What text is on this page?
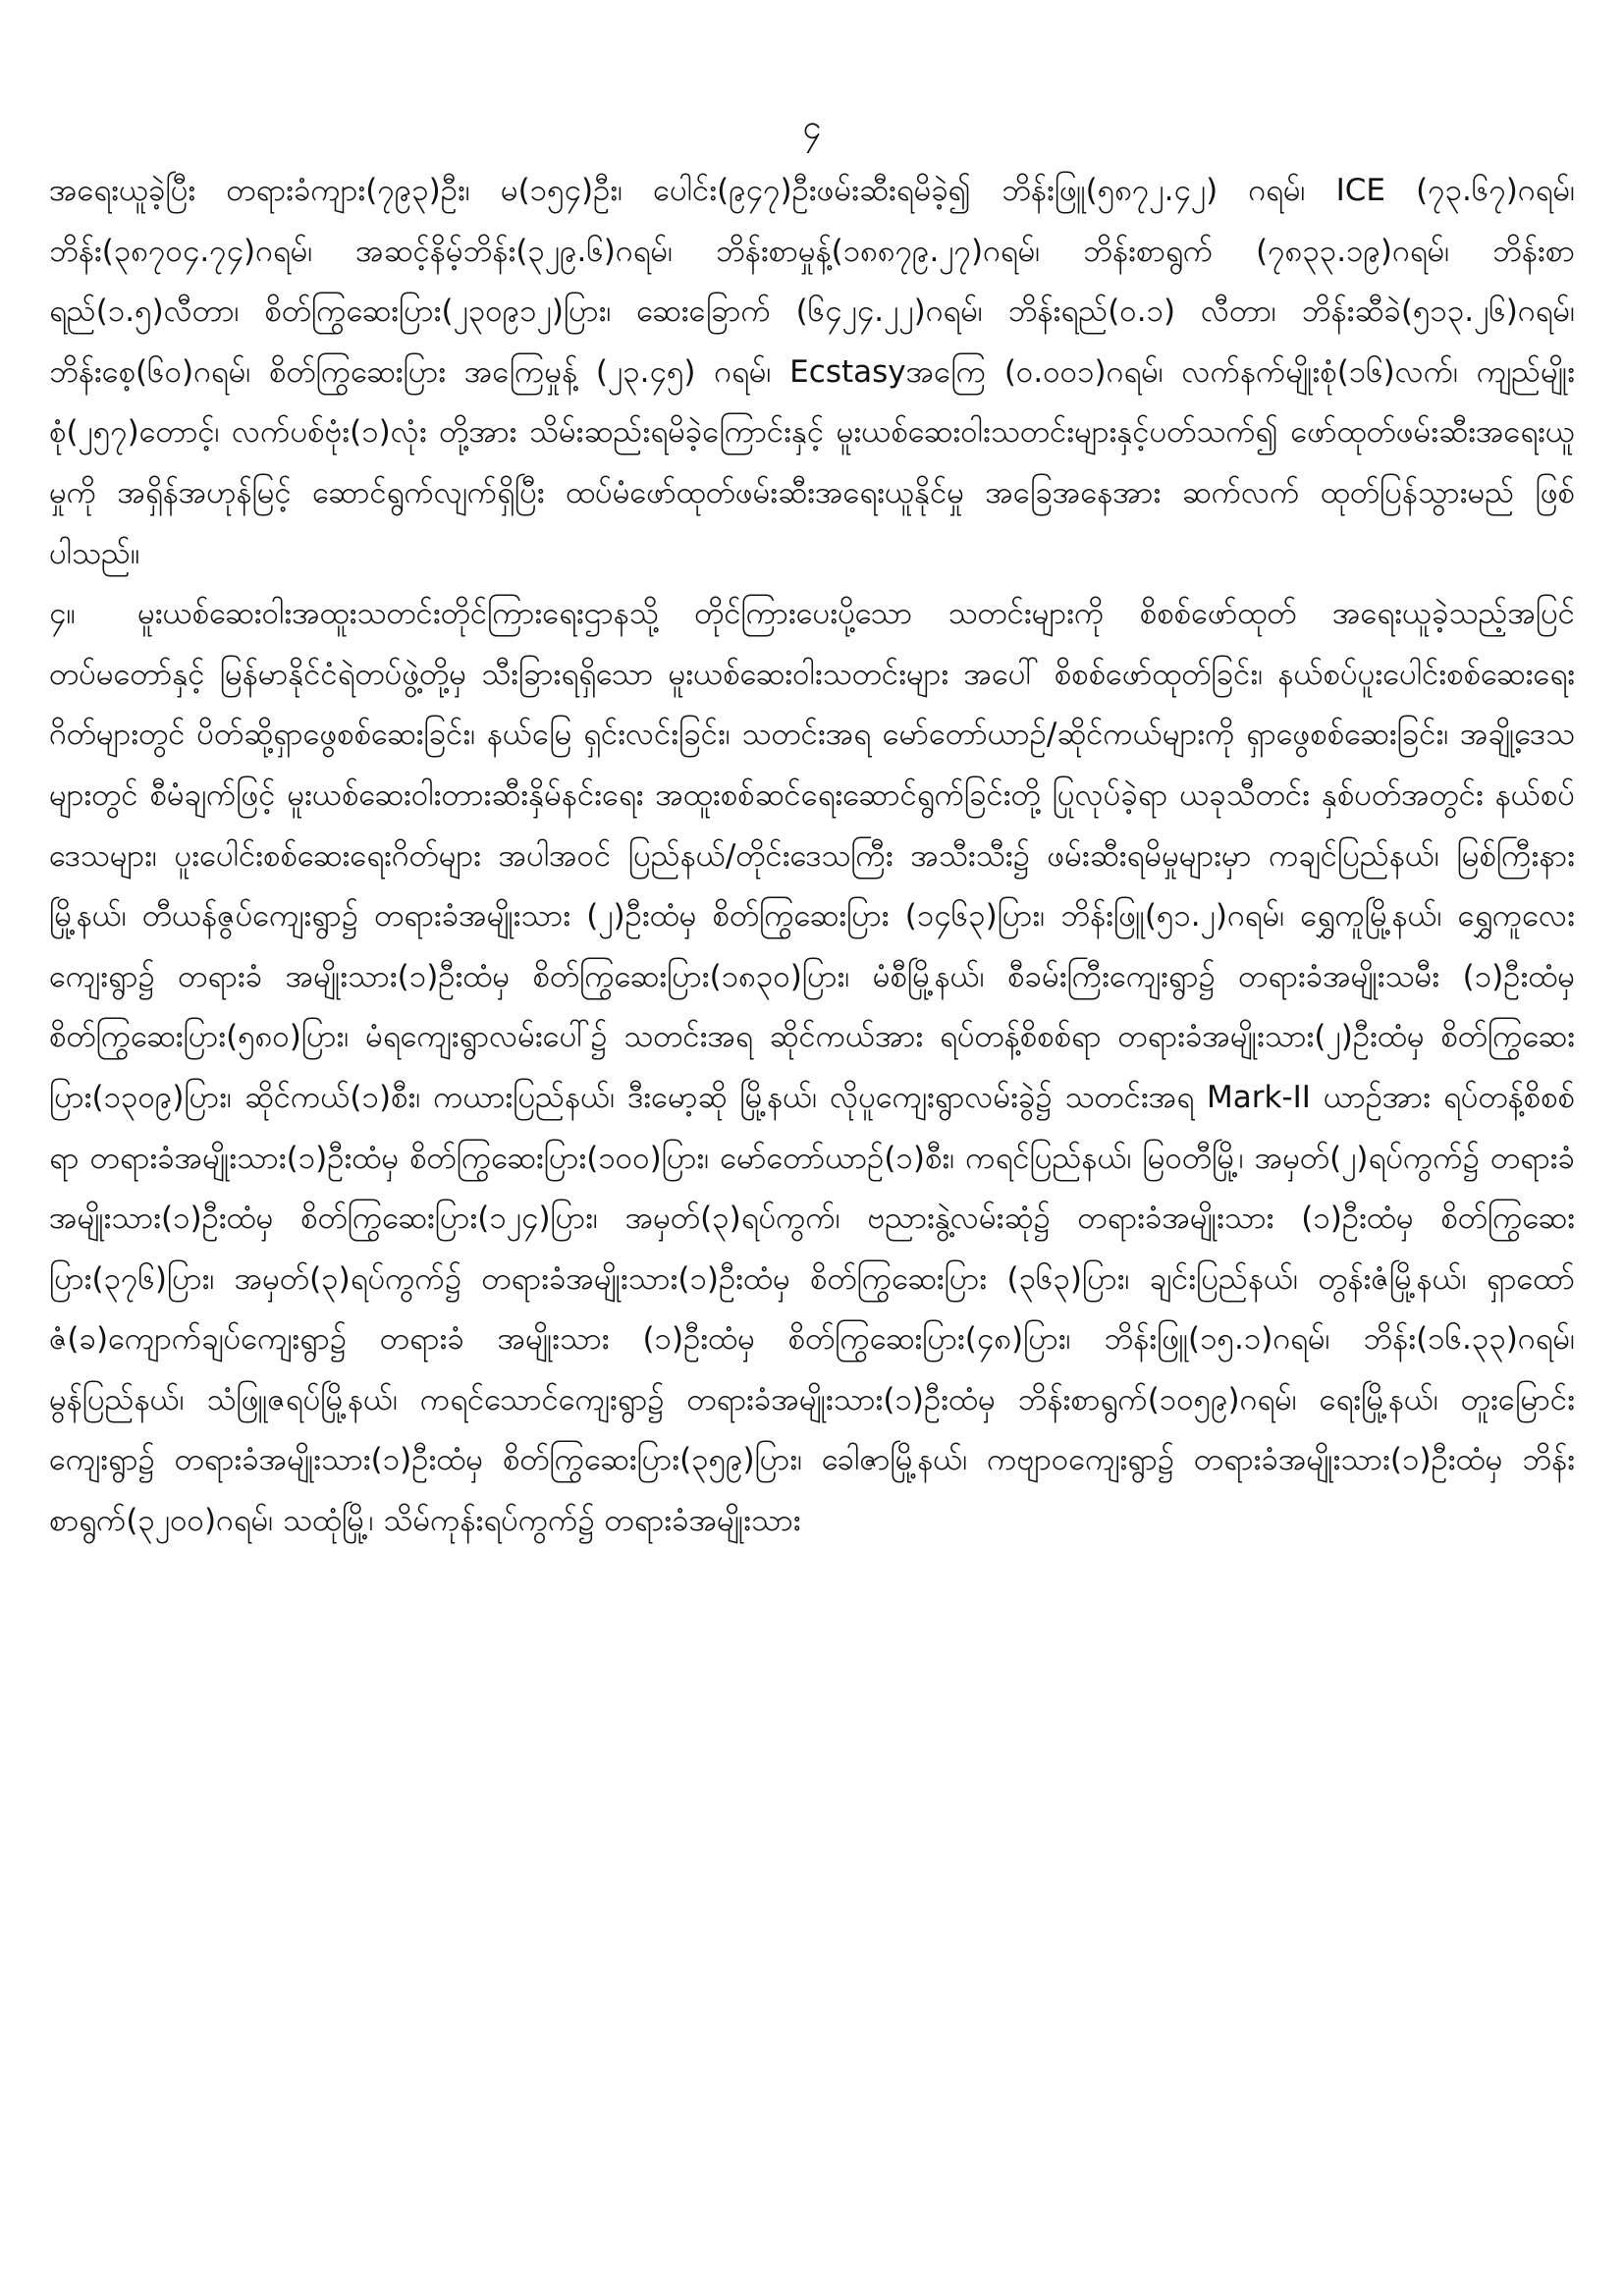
၄

အရေးယူခဲ့ပြီး တရားခံကျား(၇၉၃)ဦး၊ မ(၁၅၄)ဦး၊ ပေါင်း(၉၄၇)ဦးဖမ်းဆီးရမိခဲ့၍ ဘိန်းဖြူ(၅၈၇၂.၄၂) ဂရမ်၊ ICE (၇၃.၆၇)ဂရမ်၊ ဘိန်း(၃၈၇၀၄.၇၄)ဂရမ်၊ အဆင့်နိမ့်ဘိန်း(၃၂၉.၆)ဂရမ်၊ ဘိန်းစာမှုန့်(၁၈၈၇၉.၂၇)ဂရမ်၊ ဘိန်းစာရွက် (၇၈၃၃.၁၉)ဂရမ်၊ ဘိန်းစာရည်(၁.၅)လီတာ၊ စိတ်ကြွဆေးပြား(၂၃၀၉၁၂)ပြား၊ ဆေးခြောက် (၆၄၂၄.၂၂)ဂရမ်၊ ဘိန်းရည်(၀.၁) လီတာ၊ ဘိန်းဆီခဲ(၅၁၃.၂၆)ဂရမ်၊ ဘိန်းစေ့(၆၀)ဂရမ်၊ စိတ်ကြွဆေးပြား အကြေမှုန့် (၂၃.၄၅) ဂရမ်၊ Ecstasyအကြေ (၀.၀၀၁)ဂရမ်၊ လက်နက်မျိုးစုံ(၁၆)လက်၊ ကျည်မျိုးစုံ(၂၅၇)တောင့်၊ လက်ပစ်ဗုံး(၁)လုံး တို့အား သိမ်းဆည်းရမိခဲ့ကြောင်းနှင့် မူးယစ်ဆေးဝါးသတင်းများနှင့်ပတ်သက်၍ ဖော်ထုတ်ဖမ်းဆီးအရေးယူမှုကို အရှိန်အဟုန်မြင့် ဆောင်ရွက်လျက်ရှိပြီး ထပ်မံဖော်ထုတ်ဖမ်းဆီးအရေးယူနိုင်မှု အခြေအနေအား ဆက်လက် ထုတ်ပြန်သွားမည် ဖြစ်ပါသည်။

၄။ မူးယစ်ဆေးဝါးအထူးသတင်းတိုင်ကြားရေးဌာနသို့ တိုင်ကြားပေးပို့သော သတင်းများကို စိစစ်ဖော်ထုတ် အရေးယူခဲ့သည့်အပြင် တပ်မတော်နှင့် မြန်မာနိုင်ငံရဲတပ်ဖွဲ့တို့မှ သီးခြားရရှိသော မူးယစ်ဆေးဝါးသတင်းများ အပေါ် စိစစ်ဖော်ထုတ်ခြင်း၊ နယ်စပ်ပူးပေါင်းစစ်ဆေးရေးဂိတ်များတွင် ပိတ်ဆို့ရှာဖွေစစ်ဆေးခြင်း၊ နယ်မြေ ရှင်းလင်းခြင်း၊ သတင်းအရ မော်တော်ယာဉ်/ဆိုင်ကယ်များကို ရှာဖွေစစ်ဆေးခြင်း၊ အချို့ဒေသများတွင် စီမံချက်ဖြင့် မူးယစ်ဆေးဝါးတားဆီးနှိမ်နင်းရေး အထူးစစ်ဆင်ရေးဆောင်ရွက်ခြင်းတို့ ပြုလုပ်ခဲ့ရာ ယခုသီတင်း နှစ်ပတ်အတွင်း နယ်စပ်ဒေသများ၊ ပူးပေါင်းစစ်ဆေးရေးဂိတ်များ အပါအဝင် ပြည်နယ်/တိုင်းဒေသကြီး အသီးသီး၌ ဖမ်းဆီးရမိမှုများမှာ ကချင်ပြည်နယ်၊ မြစ်ကြီးနားမြို့နယ်၊ တီယန်ဇွပ်ကျေးရွာ၌ တရားခံအမျိုးသား (၂)ဦးထံမှ စိတ်ကြွဆေးပြား (၁၄၆၃)ပြား၊ ဘိန်းဖြူ(၅၁.၂)ဂရမ်၊ ရွှေကူမြို့နယ်၊ ရွှေကူလေးကျေးရွာ၌ တရားခံ အမျိုးသား(၁)ဦးထံမှ စိတ်ကြွဆေးပြား(၁၈၃၀)ပြား၊ မံစီမြို့နယ်၊ စီခမ်းကြီးကျေးရွာ၌ တရားခံအမျိုးသမီး (၁)ဦးထံမှ စိတ်ကြွဆေးပြား(၅၈၀)ပြား၊ မံရကျေးရွာလမ်းပေါ်၌ သတင်းအရ ဆိုင်ကယ်အား ရပ်တန့်စိစစ်ရာ တရားခံအမျိုးသား(၂)ဦးထံမှ စိတ်ကြွဆေးပြား(၁၃၀၉)ပြား၊ ဆိုင်ကယ်(၁)စီး၊ ကယားပြည်နယ်၊ ဒီးမော့ဆို မြို့နယ်၊ လိုပူကျေးရွာလမ်းခွဲ၌ သတင်းအရ Mark-II ယာဉ်အား ရပ်တန့်စိစစ်ရာ တရားခံအမျိုးသား(၁)ဦးထံမှ စိတ်ကြွဆေးပြား(၁၀၀)ပြား၊ မော်တော်ယာဉ်(၁)စီး၊ ကရင်ပြည်နယ်၊ မြဝတီမြို့၊ အမှတ်(၂)ရပ်ကွက်၌ တရားခံ အမျိုးသား(၁)ဦးထံမှ စိတ်ကြွဆေးပြား(၁၂၄)ပြား၊ အမှတ်(၃)ရပ်ကွက်၊ ဗညားနွဲ့လမ်းဆုံ၌ တရားခံအမျိုးသား (၁)ဦးထံမှ စိတ်ကြွဆေးပြား(၃၇၆)ပြား၊ အမှတ်(၃)ရပ်ကွက်၌ တရားခံအမျိုးသား(၁)ဦးထံမှ စိတ်ကြွဆေးပြား (၃၆၃)ပြား၊ ချင်းပြည်နယ်၊ တွန်းဇံမြို့နယ်၊ ရှာထော်ဇံ(ခ)ကျောက်ချပ်ကျေးရွာ၌ တရားခံ အမျိုးသား (၁)ဦးထံမှ စိတ်ကြွဆေးပြား(၄၈)ပြား၊ ဘိန်းဖြူ(၁၅.၁)ဂရမ်၊ ဘိန်း(၁၆.၃၃)ဂရမ်၊ မွန်ပြည်နယ်၊ သံဖြူဇရပ်မြို့နယ်၊ ကရင်သောင်ကျေးရွာ၌ တရားခံအမျိုးသား(၁)ဦးထံမှ ဘိန်းစာရွက်(၁၀၅၉)ဂရမ်၊ ရေးမြို့နယ်၊ တူးမြောင်း ကျေးရွာ၌ တရားခံအမျိုးသား(၁)ဦးထံမှ စိတ်ကြွဆေးပြား(၃၅၉)ပြား၊ ခေါဇာမြို့နယ်၊ ကဗျာဝကျေးရွာ၌ တရားခံအမျိုးသား(၁)ဦးထံမှ ဘိန်းစာရွက်(၃၂၀၀)ဂရမ်၊ သထုံမြို့၊ သိမ်ကုန်းရပ်ကွက်၌ တရားခံအမျိုးသား
